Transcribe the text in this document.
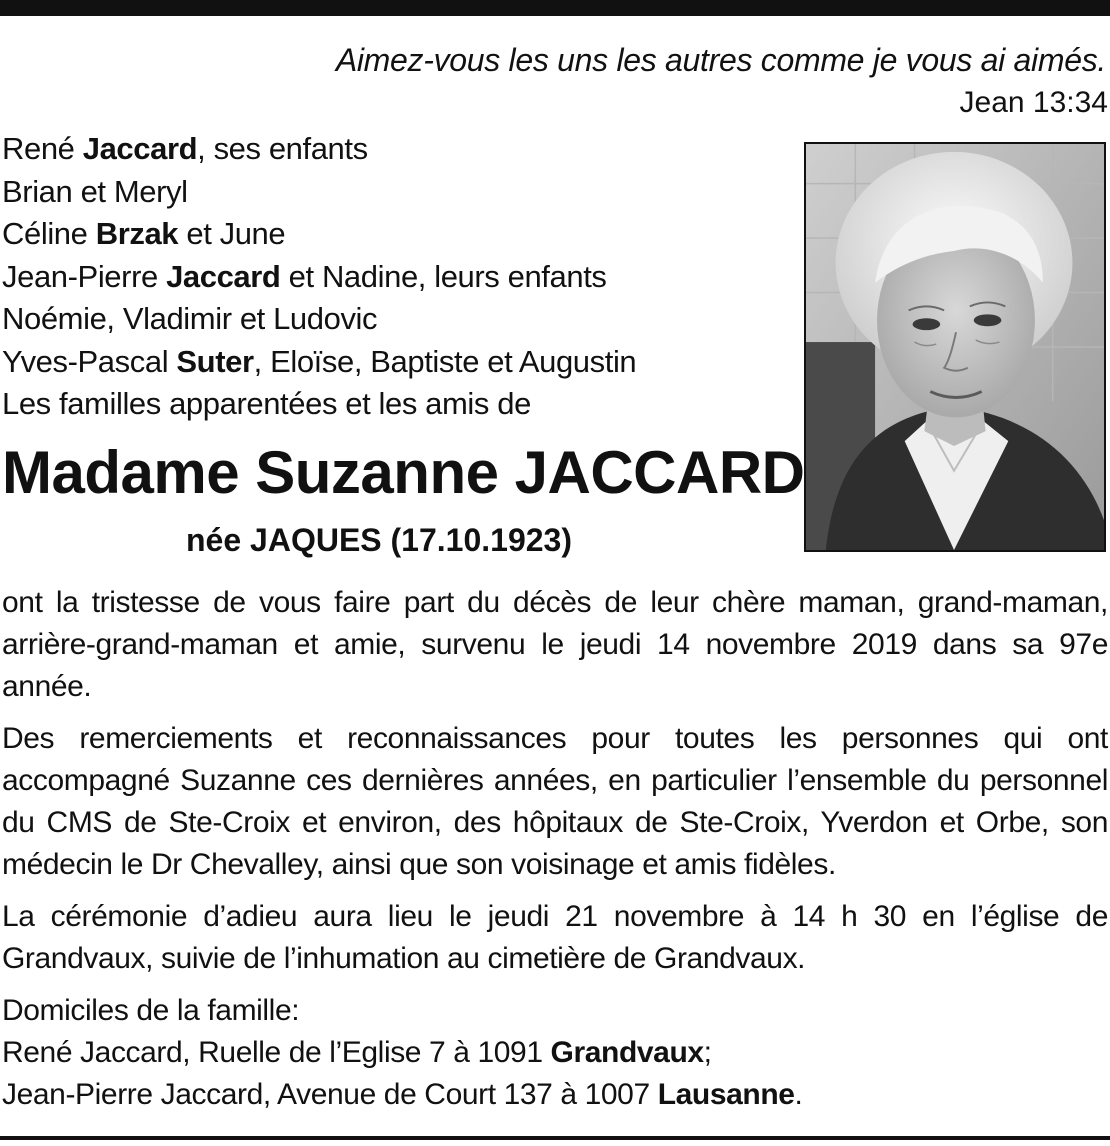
Aimez-vous les uns les autres comme je vous ai aimés.
Jean 13:34
René Jaccard, ses enfants
Brian et Meryl
Céline Brzak et June
Jean-Pierre Jaccard et Nadine, leurs enfants
Noémie, Vladimir et Ludovic
Yves-Pascal Suter, Eloïse, Baptiste et Augustin
Les familles apparentées et les amis de
Madame Suzanne JACCARD
née JAQUES (17.10.1923)

ont la tristesse de vous faire part du décès de leur chère maman, grand-maman, arrière-grand-maman et amie, survenu le jeudi 14 novembre 2019 dans sa 97e année.

Des remerciements et reconnaissances pour toutes les personnes qui ont accompagné Suzanne ces dernières années, en particulier l’ensemble du personnel du CMS de Ste-Croix et environ, des hôpitaux de Ste-Croix, Yverdon et Orbe, son médecin le Dr Chevalley, ainsi que son voisinage et amis fidèles.

La cérémonie d’adieu aura lieu le jeudi 21 novembre à 14 h 30 en l’église de Grandvaux, suivie de l’inhumation au cimetière de Grandvaux.

Domiciles de la famille:
René Jaccard, Ruelle de l’Eglise 7 à 1091 Grandvaux;
Jean-Pierre Jaccard, Avenue de Court 137 à 1007 Lausanne.
